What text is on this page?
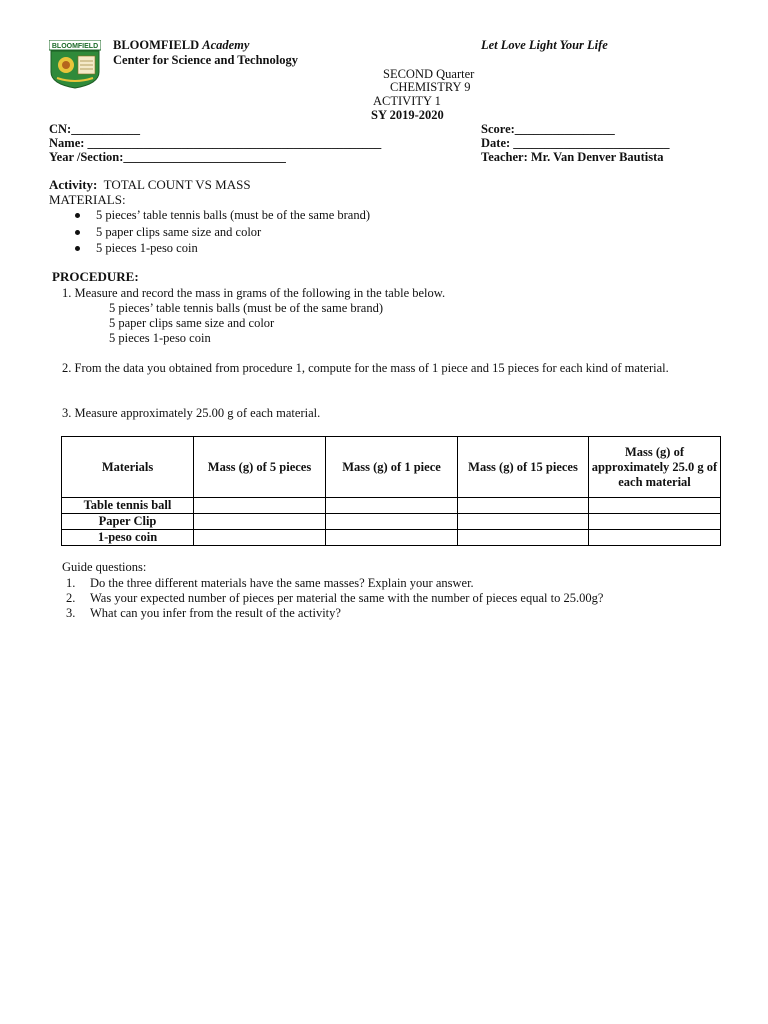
BLOOMFIELD BLOOMFIELD Academy
Center for Science and Technology
Let Love Light Your Life
SECOND Quarter
CHEMISTRY 9
ACTIVITY 1
SY 2019-2020
CN:___________
Name: _______________________________________________
Year /Section:__________________________
Score:________________
Date: _________________________
Teacher: Mr. Van Denver Bautista
Activity: TOTAL COUNT VS MASS
MATERIALS:
5 pieces’ table tennis balls (must be of the same brand)
5 paper clips same size and color
5 pieces 1-peso coin
PROCEDURE:
1. Measure and record the mass in grams of the following in the table below.
5 pieces’ table tennis balls (must be of the same brand)
5 paper clips same size and color
5 pieces 1-peso coin
2. From the data you obtained from procedure 1, compute for the mass of 1 piece and 15 pieces for each kind of material.
3. Measure approximately 25.00 g of each material.
Materials	Mass (g) of 5 pieces	Mass (g) of 1 piece	Mass (g) of 15 pieces	Mass (g) of approximately 25.0 g of each material
Table tennis ball				
Paper Clip				
1-peso coin				
Guide questions:
1. Do the three different materials have the same masses? Explain your answer.
2. Was your expected number of pieces per material the same with the number of pieces equal to 25.00g?
3. What can you infer from the result of the activity?
